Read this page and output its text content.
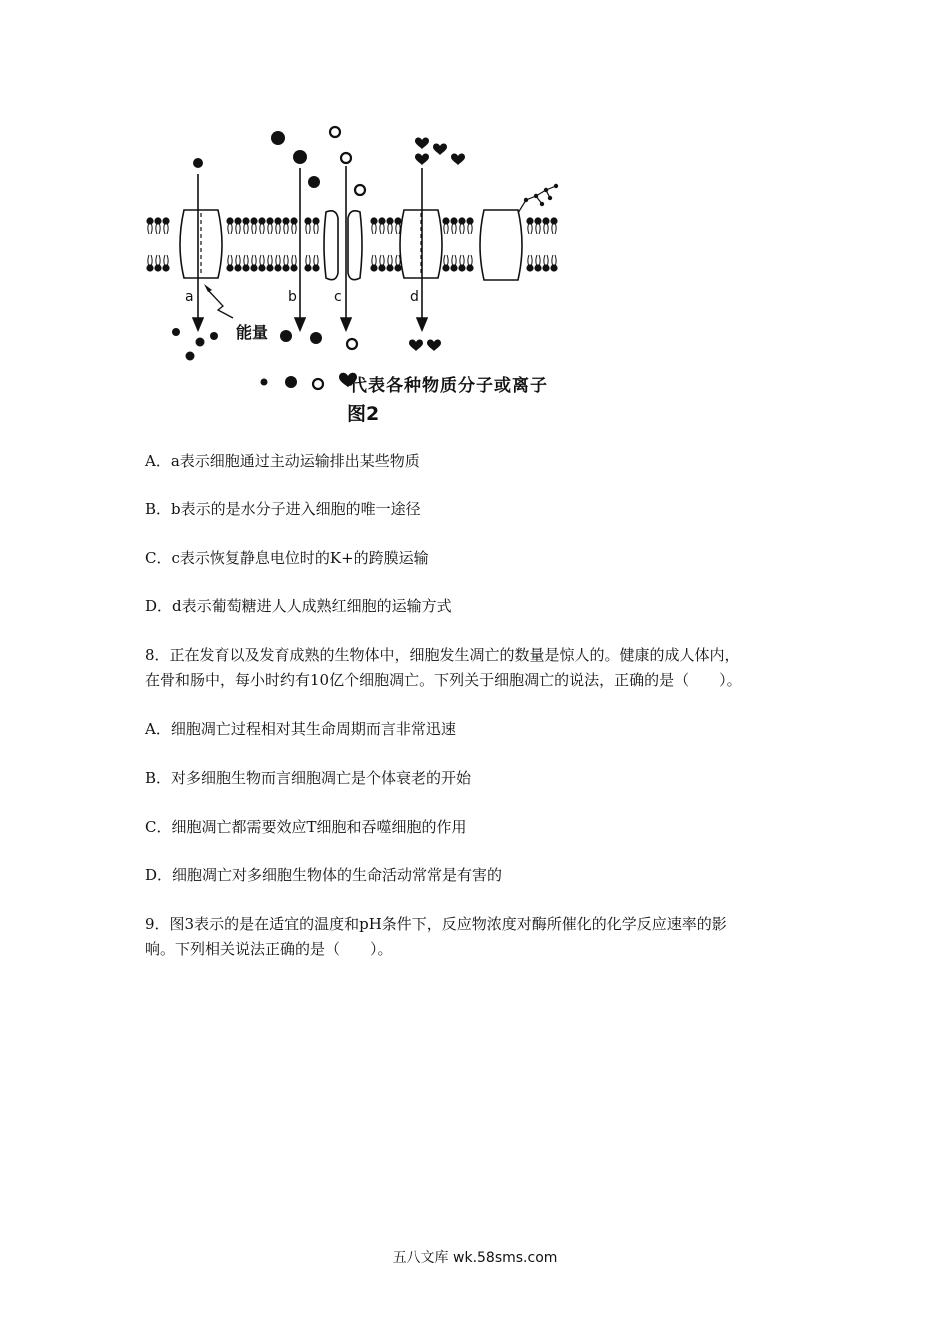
a	b	c	d
能量
代表各种物质分子或离子
图2
A．a表示细胞通过主动运输排出某些物质
B．b表示的是水分子进入细胞的唯一途径
C．c表示恢复静息电位时的K+的跨膜运输
D．d表示葡萄糖进人人成熟红细胞的运输方式
8．正在发育以及发育成熟的生物体中，细胞发生凋亡的数量是惊人的。健康的成人体内，
在骨和肠中，每小时约有10亿个细胞凋亡。下列关于细胞凋亡的说法，正确的是（　　）。
A．细胞凋亡过程相对其生命周期而言非常迅速
B．对多细胞生物而言细胞凋亡是个体衰老的开始
C．细胞凋亡都需要效应T细胞和吞噬细胞的作用
D．细胞凋亡对多细胞生物体的生命活动常常是有害的
9．图3表示的是在适宜的温度和pH条件下，反应物浓度对酶所催化的化学反应速率的影
响。下列相关说法正确的是（　　）。
五八文库 wk.58sms.com
